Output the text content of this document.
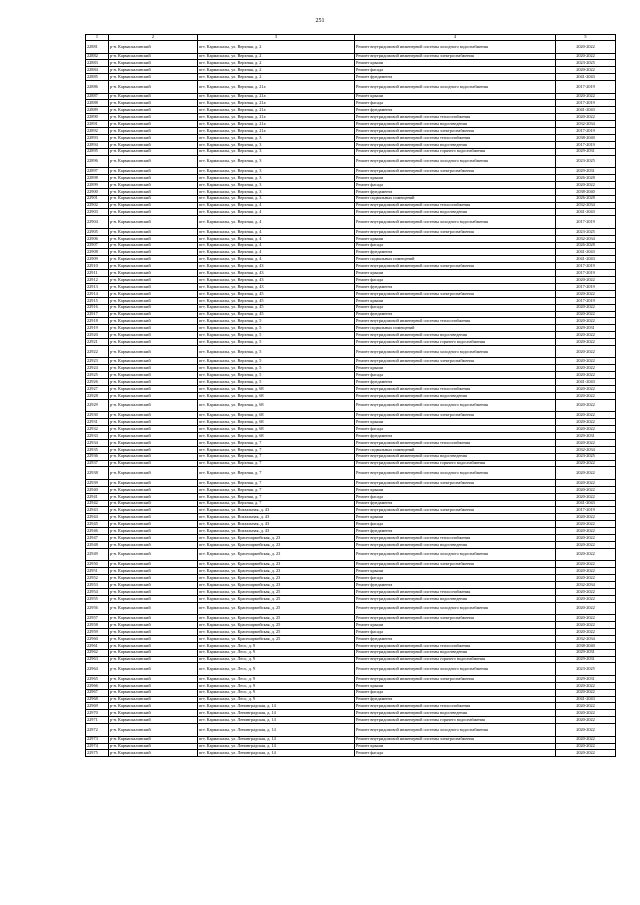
251
1	2	3	4	5
22881	р-н. Кармаскалинский	пгт. Кармаскалы, ул. Верхняя, д. 2	Ремонт внутридомовой инженерной системы холодного водоснабжения	2020-2022
22882	р-н. Кармаскалинский	пгт. Кармаскалы, ул. Верхняя, д. 2	Ремонт внутридомовой инженерной системы электроснабжения	2020-2022
22883	р-н. Кармаскалинский	пгт. Кармаскалы, ул. Верхняя, д. 2	Ремонт крыши	2023-2025
22884	р-н. Кармаскалинский	пгт. Кармаскалы, ул. Верхняя, д. 2	Ремонт фасада	2020-2022
22885	р-н. Кармаскалинский	пгт. Кармаскалы, ул. Верхняя, д. 2	Ремонт фундамента	2041-2043
22886	р-н. Кармаскалинский	пгт. Кармаскалы, ул. Верхняя, д. 21а	Ремонт внутридомовой инженерной системы холодного водоснабжения	2017-2019
22887	р-н. Кармаскалинский	пгт. Кармаскалы, ул. Верхняя, д. 21а	Ремонт крыши	2020-2022
22888	р-н. Кармаскалинский	пгт. Кармаскалы, ул. Верхняя, д. 21а	Ремонт фасада	2017-2019
22889	р-н. Кармаскалинский	пгт. Кармаскалы, ул. Верхняя, д. 21а	Ремонт фундамента	2041-2043
22890	р-н. Кармаскалинский	пгт. Кармаскалы, ул. Верхняя, д. 21а	Ремонт внутридомовой инженерной системы теплоснабжения	2020-2022
22891	р-н. Кармаскалинский	пгт. Кармаскалы, ул. Верхняя, д. 21а	Ремонт внутридомовой инженерной системы водоотведения	2032-2034
22892	р-н. Кармаскалинский	пгт. Кармаскалы, ул. Верхняя, д. 21а	Ремонт внутридомовой инженерной системы электроснабжения	2017-2019
22893	р-н. Кармаскалинский	пгт. Кармаскалы, ул. Верхняя, д. 3	Ремонт внутридомовой инженерной системы теплоснабжения	2038-2040
22894	р-н. Кармаскалинский	пгт. Кармаскалы, ул. Верхняя, д. 3	Ремонт внутридомовой инженерной системы водоотведения	2017-2019
22895	р-н. Кармаскалинский	пгт. Кармаскалы, ул. Верхняя, д. 3	Ремонт внутридомовой инженерной системы горячего водоснабжения	2029-2031
22896	р-н. Кармаскалинский	пгт. Кармаскалы, ул. Верхняя, д. 3	Ремонт внутридомовой инженерной системы холодного водоснабжения	2023-2025
22897	р-н. Кармаскалинский	пгт. Кармаскалы, ул. Верхняя, д. 3	Ремонт внутридомовой инженерной системы электроснабжения	2029-2031
22898	р-н. Кармаскалинский	пгт. Кармаскалы, ул. Верхняя, д. 3	Ремонт крыши	2026-2028
22899	р-н. Кармаскалинский	пгт. Кармаскалы, ул. Верхняя, д. 3	Ремонт фасада	2020-2022
22900	р-н. Кармаскалинский	пгт. Кармаскалы, ул. Верхняя, д. 3	Ремонт фундамента	2038-2040
22901	р-н. Кармаскалинский	пгт. Кармаскалы, ул. Верхняя, д. 3	Ремонт подвальных помещений	2026-2028
22902	р-н. Кармаскалинский	пгт. Кармаскалы, ул. Верхняя, д. 4	Ремонт внутридомовой инженерной системы теплоснабжения	2032-2034
22903	р-н. Кармаскалинский	пгт. Кармаскалы, ул. Верхняя, д. 4	Ремонт внутридомовой инженерной системы водоотведения	2041-2043
22904	р-н. Кармаскалинский	пгт. Кармаскалы, ул. Верхняя, д. 4	Ремонт внутридомовой инженерной системы холодного водоснабжения	2017-2019
22905	р-н. Кармаскалинский	пгт. Кармаскалы, ул. Верхняя, д. 4	Ремонт внутридомовой инженерной системы электроснабжения	2023-2025
22906	р-н. Кармаскалинский	пгт. Кармаскалы, ул. Верхняя, д. 4	Ремонт крыши	2032-2034
22907	р-н. Кармаскалинский	пгт. Кармаскалы, ул. Верхняя, д. 4	Ремонт фасада	2026-2028
22908	р-н. Кармаскалинский	пгт. Кармаскалы, ул. Верхняя, д. 4	Ремонт фундамента	2041-2043
22909	р-н. Кармаскалинский	пгт. Кармаскалы, ул. Верхняя, д. 4	Ремонт подвальных помещений	2041-2043
22910	р-н. Кармаскалинский	пгт. Кармаскалы, ул. Верхняя, д. 43	Ремонт внутридомовой инженерной системы электроснабжения	2017-2019
22911	р-н. Кармаскалинский	пгт. Кармаскалы, ул. Верхняя, д. 43	Ремонт крыши	2017-2019
22912	р-н. Кармаскалинский	пгт. Кармаскалы, ул. Верхняя, д. 43	Ремонт фасада	2020-2022
22913	р-н. Кармаскалинский	пгт. Кармаскалы, ул. Верхняя, д. 43	Ремонт фундамента	2017-2019
22914	р-н. Кармаскалинский	пгт. Кармаскалы, ул. Верхняя, д. 45	Ремонт внутридомовой инженерной системы электроснабжения	2020-2022
22915	р-н. Кармаскалинский	пгт. Кармаскалы, ул. Верхняя, д. 45	Ремонт крыши	2017-2019
22916	р-н. Кармаскалинский	пгт. Кармаскалы, ул. Верхняя, д. 45	Ремонт фасада	2020-2022
22917	р-н. Кармаскалинский	пгт. Кармаскалы, ул. Верхняя, д. 45	Ремонт фундамента	2020-2022
22918	р-н. Кармаскалинский	пгт. Кармаскалы, ул. Верхняя, д. 5	Ремонт внутридомовой инженерной системы теплоснабжения	2020-2022
22919	р-н. Кармаскалинский	пгт. Кармаскалы, ул. Верхняя, д. 5	Ремонт подвальных помещений	2029-2031
22920	р-н. Кармаскалинский	пгт. Кармаскалы, ул. Верхняя, д. 5	Ремонт внутридомовой инженерной системы водоотведения	2020-2022
22921	р-н. Кармаскалинский	пгт. Кармаскалы, ул. Верхняя, д. 5	Ремонт внутридомовой инженерной системы горячего водоснабжения	2020-2022
22922	р-н. Кармаскалинский	пгт. Кармаскалы, ул. Верхняя, д. 5	Ремонт внутридомовой инженерной системы холодного водоснабжения	2020-2022
22923	р-н. Кармаскалинский	пгт. Кармаскалы, ул. Верхняя, д. 5	Ремонт внутридомовой инженерной системы электроснабжения	2020-2022
22924	р-н. Кармаскалинский	пгт. Кармаскалы, ул. Верхняя, д. 5	Ремонт крыши	2020-2022
22925	р-н. Кармаскалинский	пгт. Кармаскалы, ул. Верхняя, д. 5	Ремонт фасада	2020-2022
22926	р-н. Кармаскалинский	пгт. Кармаскалы, ул. Верхняя, д. 5	Ремонт фундамента	2041-2043
22927	р-н. Кармаскалинский	пгт. Кармаскалы, ул. Верхняя, д. 68	Ремонт внутридомовой инженерной системы теплоснабжения	2020-2022
22928	р-н. Кармаскалинский	пгт. Кармаскалы, ул. Верхняя, д. 68	Ремонт внутридомовой инженерной системы водоотведения	2020-2022
22929	р-н. Кармаскалинский	пгт. Кармаскалы, ул. Верхняя, д. 68	Ремонт внутридомовой инженерной системы холодного водоснабжения	2020-2022
22930	р-н. Кармаскалинский	пгт. Кармаскалы, ул. Верхняя, д. 68	Ремонт внутридомовой инженерной системы электроснабжения	2020-2022
22931	р-н. Кармаскалинский	пгт. Кармаскалы, ул. Верхняя, д. 68	Ремонт крыши	2020-2022
22932	р-н. Кармаскалинский	пгт. Кармаскалы, ул. Верхняя, д. 68	Ремонт фасада	2020-2022
22933	р-н. Кармаскалинский	пгт. Кармаскалы, ул. Верхняя, д. 68	Ремонт фундамента	2029-2031
22934	р-н. Кармаскалинский	пгт. Кармаскалы, ул. Верхняя, д. 7	Ремонт внутридомовой инженерной системы теплоснабжения	2020-2022
22935	р-н. Кармаскалинский	пгт. Кармаскалы, ул. Верхняя, д. 7	Ремонт подвальных помещений	2032-2034
22936	р-н. Кармаскалинский	пгт. Кармаскалы, ул. Верхняя, д. 7	Ремонт внутридомовой инженерной системы водоотведения	2023-2025
22937	р-н. Кармаскалинский	пгт. Кармаскалы, ул. Верхняя, д. 7	Ремонт внутридомовой инженерной системы горячего водоснабжения	2020-2022
22938	р-н. Кармаскалинский	пгт. Кармаскалы, ул. Верхняя, д. 7	Ремонт внутридомовой инженерной системы холодного водоснабжения	2020-2022
22939	р-н. Кармаскалинский	пгт. Кармаскалы, ул. Верхняя, д. 7	Ремонт внутридомовой инженерной системы электроснабжения	2020-2022
22940	р-н. Кармаскалинский	пгт. Кармаскалы, ул. Верхняя, д. 7	Ремонт крыши	2020-2022
22941	р-н. Кармаскалинский	пгт. Кармаскалы, ул. Верхняя, д. 7	Ремонт фасада	2020-2022
22942	р-н. Кармаскалинский	пгт. Кармаскалы, ул. Верхняя, д. 7	Ремонт фундамента	2041-2043
22943	р-н. Кармаскалинский	пгт. Кармаскалы, ул. Вокзальная, д. 43	Ремонт внутридомовой инженерной системы электроснабжения	2017-2019
22944	р-н. Кармаскалинский	пгт. Кармаскалы, ул. Вокзальная, д. 43	Ремонт крыши	2020-2022
22945	р-н. Кармаскалинский	пгт. Кармаскалы, ул. Вокзальная, д. 43	Ремонт фасада	2020-2022
22946	р-н. Кармаскалинский	пгт. Кармаскалы, ул. Вокзальная, д. 43	Ремонт фундамента	2020-2022
22947	р-н. Кармаскалинский	пгт. Кармаскалы, ул. Красноармейская, д. 23	Ремонт внутридомовой инженерной системы теплоснабжения	2020-2022
22948	р-н. Кармаскалинский	пгт. Кармаскалы, ул. Красноармейская, д. 23	Ремонт внутридомовой инженерной системы водоотведения	2020-2022
22949	р-н. Кармаскалинский	пгт. Кармаскалы, ул. Красноармейская, д. 23	Ремонт внутридомовой инженерной системы холодного водоснабжения	2020-2022
22950	р-н. Кармаскалинский	пгт. Кармаскалы, ул. Красноармейская, д. 23	Ремонт внутридомовой инженерной системы электроснабжения	2020-2022
22951	р-н. Кармаскалинский	пгт. Кармаскалы, ул. Красноармейская, д. 23	Ремонт крыши	2020-2022
22952	р-н. Кармаскалинский	пгт. Кармаскалы, ул. Красноармейская, д. 23	Ремонт фасада	2020-2022
22953	р-н. Кармаскалинский	пгт. Кармаскалы, ул. Красноармейская, д. 23	Ремонт фундамента	2032-2034
22954	р-н. Кармаскалинский	пгт. Кармаскалы, ул. Красноармейская, д. 25	Ремонт внутридомовой инженерной системы теплоснабжения	2020-2022
22955	р-н. Кармаскалинский	пгт. Кармаскалы, ул. Красноармейская, д. 25	Ремонт внутридомовой инженерной системы водоотведения	2020-2022
22956	р-н. Кармаскалинский	пгт. Кармаскалы, ул. Красноармейская, д. 25	Ремонт внутридомовой инженерной системы холодного водоснабжения	2020-2022
22957	р-н. Кармаскалинский	пгт. Кармаскалы, ул. Красноармейская, д. 25	Ремонт внутридомовой инженерной системы электроснабжения	2020-2022
22958	р-н. Кармаскалинский	пгт. Кармаскалы, ул. Красноармейская, д. 25	Ремонт крыши	2020-2022
22959	р-н. Кармаскалинский	пгт. Кармаскалы, ул. Красноармейская, д. 25	Ремонт фасада	2020-2022
22960	р-н. Кармаскалинский	пгт. Кармаскалы, ул. Красноармейская, д. 25	Ремонт фундамента	2032-2034
22961	р-н. Кармаскалинский	пгт. Кармаскалы, ул. Лесо, д. 9	Ремонт внутридомовой инженерной системы теплоснабжения	2038-2040
22962	р-н. Кармаскалинский	пгт. Кармаскалы, ул. Лесо, д. 9	Ремонт внутридомовой инженерной системы водоотведения	2029-2031
22963	р-н. Кармаскалинский	пгт. Кармаскалы, ул. Лесо, д. 9	Ремонт внутридомовой инженерной системы горячего водоснабжения	2029-2031
22964	р-н. Кармаскалинский	пгт. Кармаскалы, ул. Лесо, д. 9	Ремонт внутридомовой инженерной системы холодного водоснабжения	2023-2025
22965	р-н. Кармаскалинский	пгт. Кармаскалы, ул. Лесо, д. 9	Ремонт внутридомовой инженерной системы электроснабжения	2029-2031
22966	р-н. Кармаскалинский	пгт. Кармаскалы, ул. Лесо, д. 9	Ремонт крыши	2020-2022
22967	р-н. Кармаскалинский	пгт. Кармаскалы, ул. Лесо, д. 9	Ремонт фасада	2020-2022
22968	р-н. Кармаскалинский	пгт. Кармаскалы, ул. Лесо, д. 9	Ремонт фундамента	2041-2043
22969	р-н. Кармаскалинский	пгт. Кармаскалы, ул. Ленинградская, д. 14	Ремонт внутридомовой инженерной системы теплоснабжения	2020-2022
22970	р-н. Кармаскалинский	пгт. Кармаскалы, ул. Ленинградская, д. 14	Ремонт внутридомовой инженерной системы водоотведения	2020-2022
22971	р-н. Кармаскалинский	пгт. Кармаскалы, ул. Ленинградская, д. 14	Ремонт внутридомовой инженерной системы горячего водоснабжения	2020-2022
22972	р-н. Кармаскалинский	пгт. Кармаскалы, ул. Ленинградская, д. 14	Ремонт внутридомовой инженерной системы холодного водоснабжения	2020-2022
22973	р-н. Кармаскалинский	пгт. Кармаскалы, ул. Ленинградская, д. 14	Ремонт внутридомовой инженерной системы электроснабжения	2020-2022
22974	р-н. Кармаскалинский	пгт. Кармаскалы, ул. Ленинградская, д. 14	Ремонт крыши	2020-2022
22975	р-н. Кармаскалинский	пгт. Кармаскалы, ул. Ленинградская, д. 14	Ремонт фасада	2020-2022
